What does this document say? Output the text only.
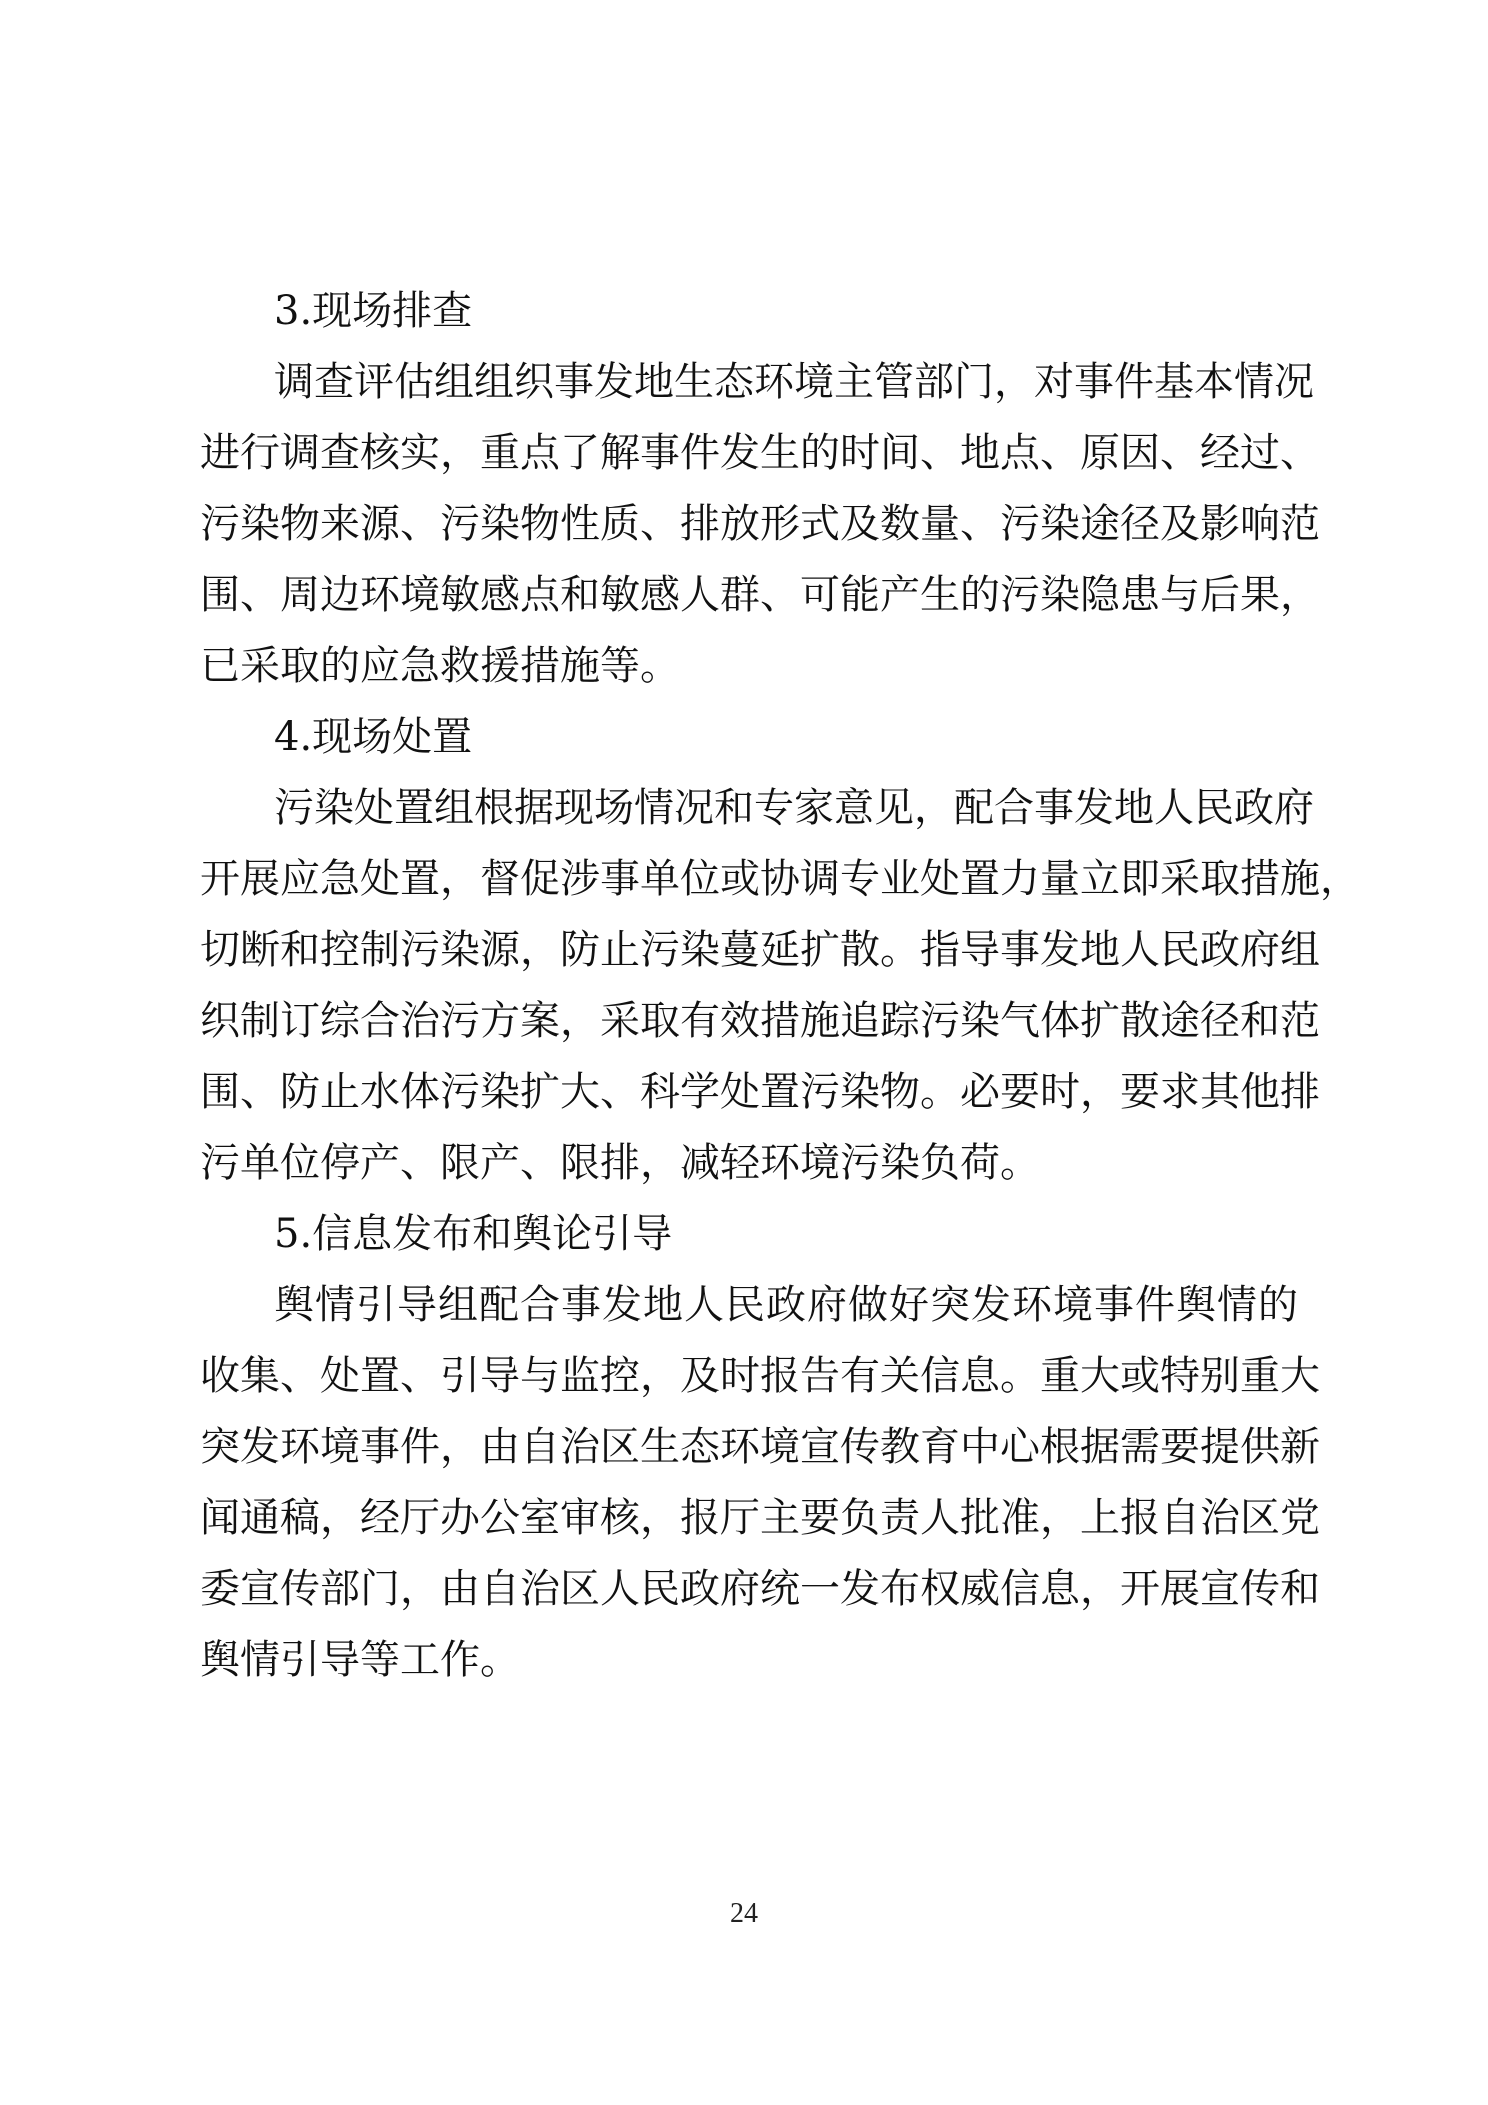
3.现场排查
调查评估组组织事发地生态环境主管部门，对事件基本情况
进行调查核实，重点了解事件发生的时间、地点、原因、经过、
污染物来源、污染物性质、排放形式及数量、污染途径及影响范
围、周边环境敏感点和敏感人群、可能产生的污染隐患与后果，
已采取的应急救援措施等。
4.现场处置
污染处置组根据现场情况和专家意见，配合事发地人民政府
开展应急处置，督促涉事单位或协调专业处置力量立即采取措施，
切断和控制污染源，防止污染蔓延扩散。指导事发地人民政府组
织制订综合治污方案，采取有效措施追踪污染气体扩散途径和范
围、防止水体污染扩大、科学处置污染物。必要时，要求其他排
污单位停产、限产、限排，减轻环境污染负荷。
5.信息发布和舆论引导
舆情引导组配合事发地人民政府做好突发环境事件舆情的
收集、处置、引导与监控，及时报告有关信息。重大或特别重大
突发环境事件，由自治区生态环境宣传教育中心根据需要提供新
闻通稿，经厅办公室审核，报厅主要负责人批准，上报自治区党
委宣传部门，由自治区人民政府统一发布权威信息，开展宣传和
舆情引导等工作。
24
